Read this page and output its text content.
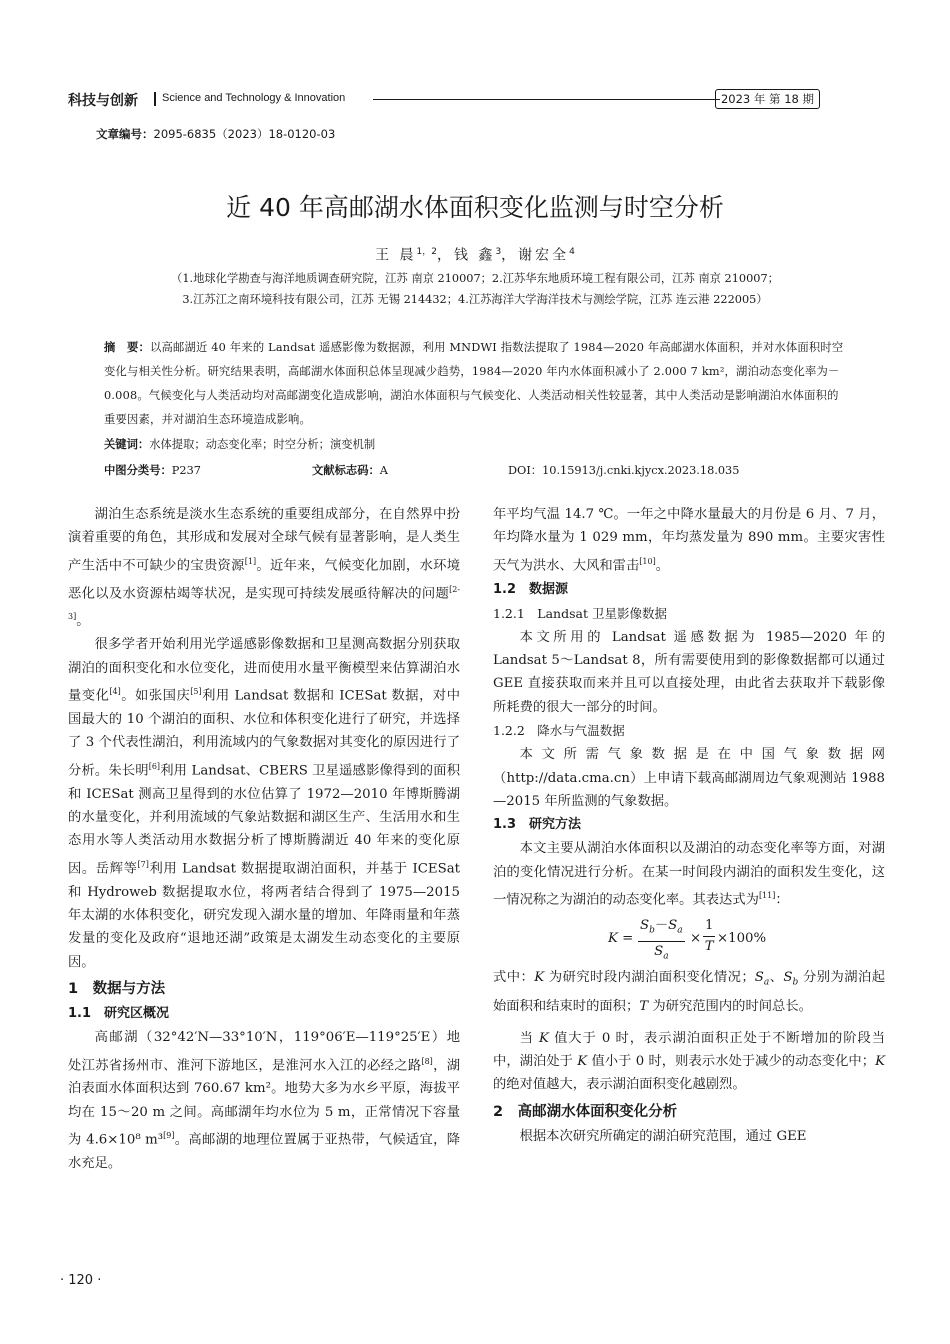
科技与创新 Science and Technology & Innovation	2023 年 第 18 期
文章编号：2095-6835（2023）18-0120-03
近 40 年高邮湖水体面积变化监测与时空分析
王 晨$^{1,2}$，钱 鑫$^3$，谢宏全$^4$
（1.地球化学勘查与海洋地质调查研究院，江苏 南京 210007；2.江苏华东地质环境工程有限公司，江苏 南京 210007；
3.江苏江之南环境科技有限公司，江苏 无锡 214432；4.江苏海洋大学海洋技术与测绘学院，江苏 连云港 222005）
摘　要：以高邮湖近 40 年来的 Landsat 遥感影像为数据源，利用 MNDWI 指数法提取了 1984—2020 年高邮湖水体面积，并对水体面积时空变化与相关性分析。研究结果表明，高邮湖水体面积总体呈现减少趋势，1984—2020 年内水体面积减小了 2.000 7 km²，湖泊动态变化率为－0.008。气候变化与人类活动均对高邮湖变化造成影响，湖泊水体面积与气候变化、人类活动相关性较显著，其中人类活动是影响湖泊水体面积的重要因素，并对湖泊生态环境造成影响。
关键词：水体提取；动态变化率；时空分析；演变机制
中图分类号：P237	文献标志码：A	DOI：10.15913/j.cnki.kjycx.2023.18.035

湖泊生态系统是淡水生态系统的重要组成部分，在自然界中扮演着重要的角色，其形成和发展对全球气候有显著影响，是人类生产生活中不可缺少的宝贵资源[1]。近年来，气候变化加剧，水环境恶化以及水资源枯竭等状况，是实现可持续发展亟待解决的问题[2-3]。

很多学者开始利用光学遥感影像数据和卫星测高数据分别获取湖泊的面积变化和水位变化，进而使用水量平衡模型来估算湖泊水量变化[4]。如张国庆[5]利用 Landsat 数据和 ICESat 数据，对中国最大的 10 个湖泊的面积、水位和体积变化进行了研究，并选择了 3 个代表性湖泊，利用流域内的气象数据对其变化的原因进行了分析。朱长明[6]利用 Landsat、CBERS 卫星遥感影像得到的面积和 ICESat 测高卫星得到的水位估算了 1972—2010 年博斯腾湖的水量变化，并利用流域的气象站数据和湖区生产、生活用水和生态用水等人类活动用水数据分析了博斯腾湖近 40 年来的变化原因。岳辉等[7]利用 Landsat 数据提取湖泊面积，并基于 ICESat 和 Hydroweb 数据提取水位，将两者结合得到了 1975—2015 年太湖的水体积变化，研究发现入湖水量的增加、年降雨量和年蒸发量的变化及政府“退地还湖”政策是太湖发生动态变化的主要原因。

1　数据与方法
1.1　研究区概况

高邮湖（32°42′N—33°10′N，119°06′E—119°25′E）地处江苏省扬州市、淮河下游地区，是淮河水入江的必经之路[8]，湖泊表面水体面积达到 760.67 km²。地势大多为水乡平原，海拔平均在 15～20 m 之间。高邮湖年均水位为 5 m，正常情况下容量为 4.6×10⁸ m³[9]。高邮湖的地理位置属于亚热带，气候适宜，降水充足。

年平均气温 14.7 ℃。一年之中降水量最大的月份是 6 月、7 月，年均降水量为 1 029 mm，年均蒸发量为 890 mm。主要灾害性天气为洪水、大风和雷击[10]。

1.2　数据源
1.2.1　Landsat 卫星影像数据

本文所用的 Landsat 遥感数据为 1985—2020 年的 Landsat 5～Landsat 8，所有需要使用到的影像数据都可以通过 GEE 直接获取而来并且可以直接处理，由此省去获取并下载影像所耗费的很大一部分的时间。

1.2.2　降水与气温数据

本文所需气象数据是在中国气象数据网（http://data.cma.cn）上申请下载高邮湖周边气象观测站 1988—2015 年所监测的气象数据。

1.3　研究方法

本文主要从湖泊水体面积以及湖泊的动态变化率等方面，对湖泊的变化情况进行分析。在某一时间段内湖泊的面积发生变化，这一情况称之为湖泊的动态变化率。其表达式为[11]：

$K = \frac{S_b-S_a}{S_a} \times \frac{1}{T} \times 100\%$

式中：K 为研究时段内湖泊面积变化情况；$S_a$、$S_b$ 分别为湖泊起始面积和结束时的面积；T 为研究范围内的时间总长。

当 K 值大于 0 时，表示湖泊面积正处于不断增加的阶段当中，湖泊处于 K 值小于 0 时，则表示水处于减少的动态变化中；K 的绝对值越大，表示湖泊面积变化越剧烈。

2　高邮湖水体面积变化分析

根据本次研究所确定的湖泊研究范围，通过 GEE

· 120 ·
